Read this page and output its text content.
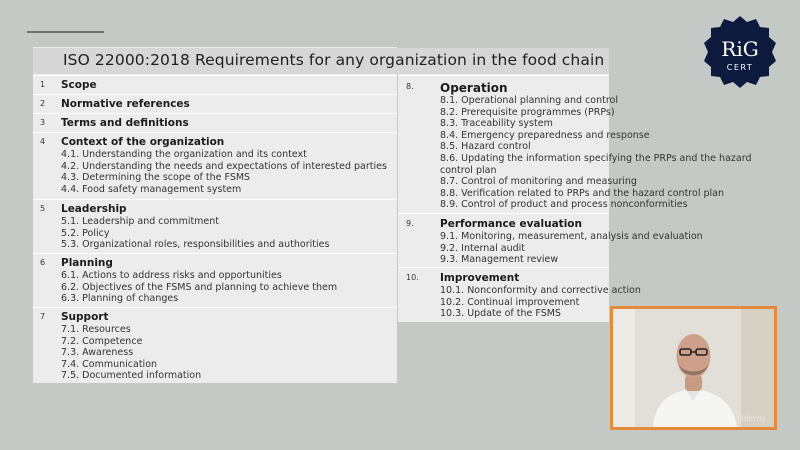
ISO 22000:2018 Requirements for any organization in the food chain
1 Scope
2 Normative references
3 Terms and definitions
4 Context of the organization
4.1. Understanding the organization and its context
4.2. Understanding the needs and expectations of interested parties
4.3. Determining the scope of the FSMS
4.4. Food safety management system
5 Leadership
5.1. Leadership and commitment
5.2. Policy
5.3. Organizational roles, responsibilities and authorities
6 Planning
6.1. Actions to address risks and opportunities
6.2. Objectives of the FSMS and planning to achieve them
6.3. Planning of changes
7 Support
7.1. Resources
7.2. Competence
7.3. Awareness
7.4. Communication
7.5. Documented information
8. Operation
8.1. Operational planning and control
8.2. Prerequisite programmes (PRPs)
8.3. Traceability system
8.4. Emergency preparedness and response
8.5. Hazard control
8.6. Updating the information specifying the PRPs and the hazard control plan
8.7. Control of monitoring and measuring
8.8. Verification related to PRPs and the hazard control plan
8.9. Control of product and process nonconformities
9.	Performance evaluation
9.1. Monitoring, measurement, analysis and evaluation
9.2. Internal audit
9.3. Management review
10. Improvement
10.1. Nonconformity and corrective action
10.2. Continual improvement
10.3. Update of the FSMS
RiG
CERT
Udemy
